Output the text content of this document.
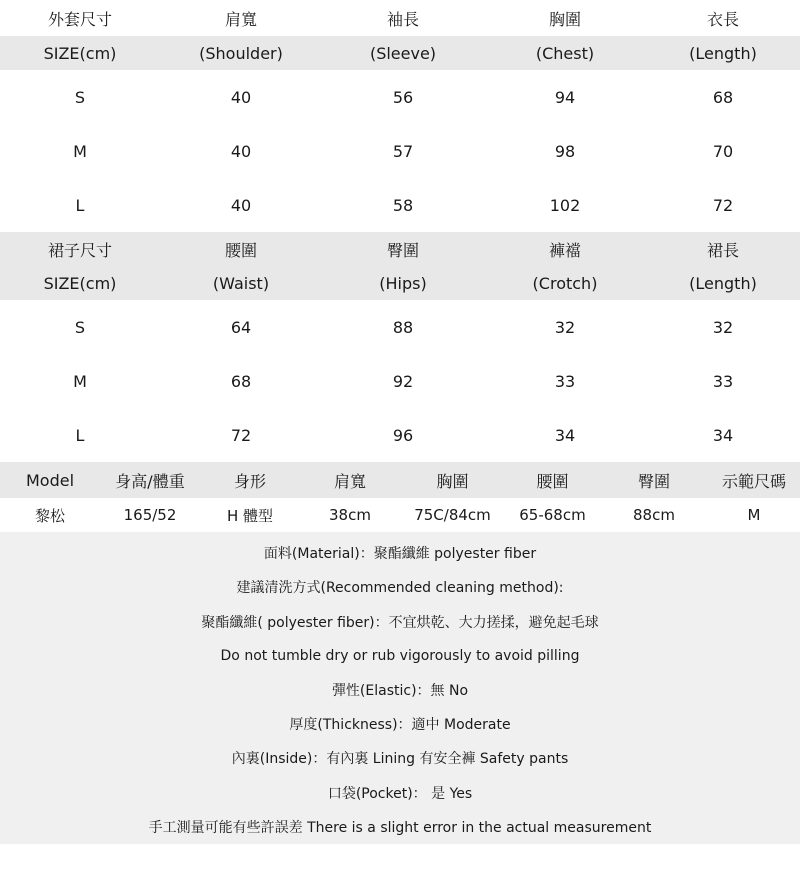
外套尺寸	肩寬	袖長	胸圍	衣長
SIZE(cm)	(Shoulder)	(Sleeve)	(Chest)	(Length)
S	40	56	94	68
M	40	57	98	70
L	40	58	102	72
裙子尺寸	腰圍	臀圍	褲襠	裙長
SIZE(cm)	(Waist)	(Hips)	(Crotch)	(Length)
S	64	88	32	32
M	68	92	33	33
L	72	96	34	34
Model	身高/體重	身形	肩寬	胸圍	腰圍	臀圍	示範尺碼
黎松	165/52	H 體型	38cm	75C/84cm	65-68cm	88cm	M
面料(Material)：聚酯纖維 polyester fiber
建議清洗方式(Recommended cleaning method):
聚酯纖維( polyester fiber)：不宜烘乾、大力搓揉，避免起毛球
Do not tumble dry or rub vigorously to avoid pilling
彈性(Elastic)：無 No
厚度(Thickness)：適中 Moderate
內裏(Inside)：有內裏 Lining 有安全褲 Safety pants
口袋(Pocket)： 是 Yes
手工測量可能有些許誤差 There is a slight error in the actual measurement
